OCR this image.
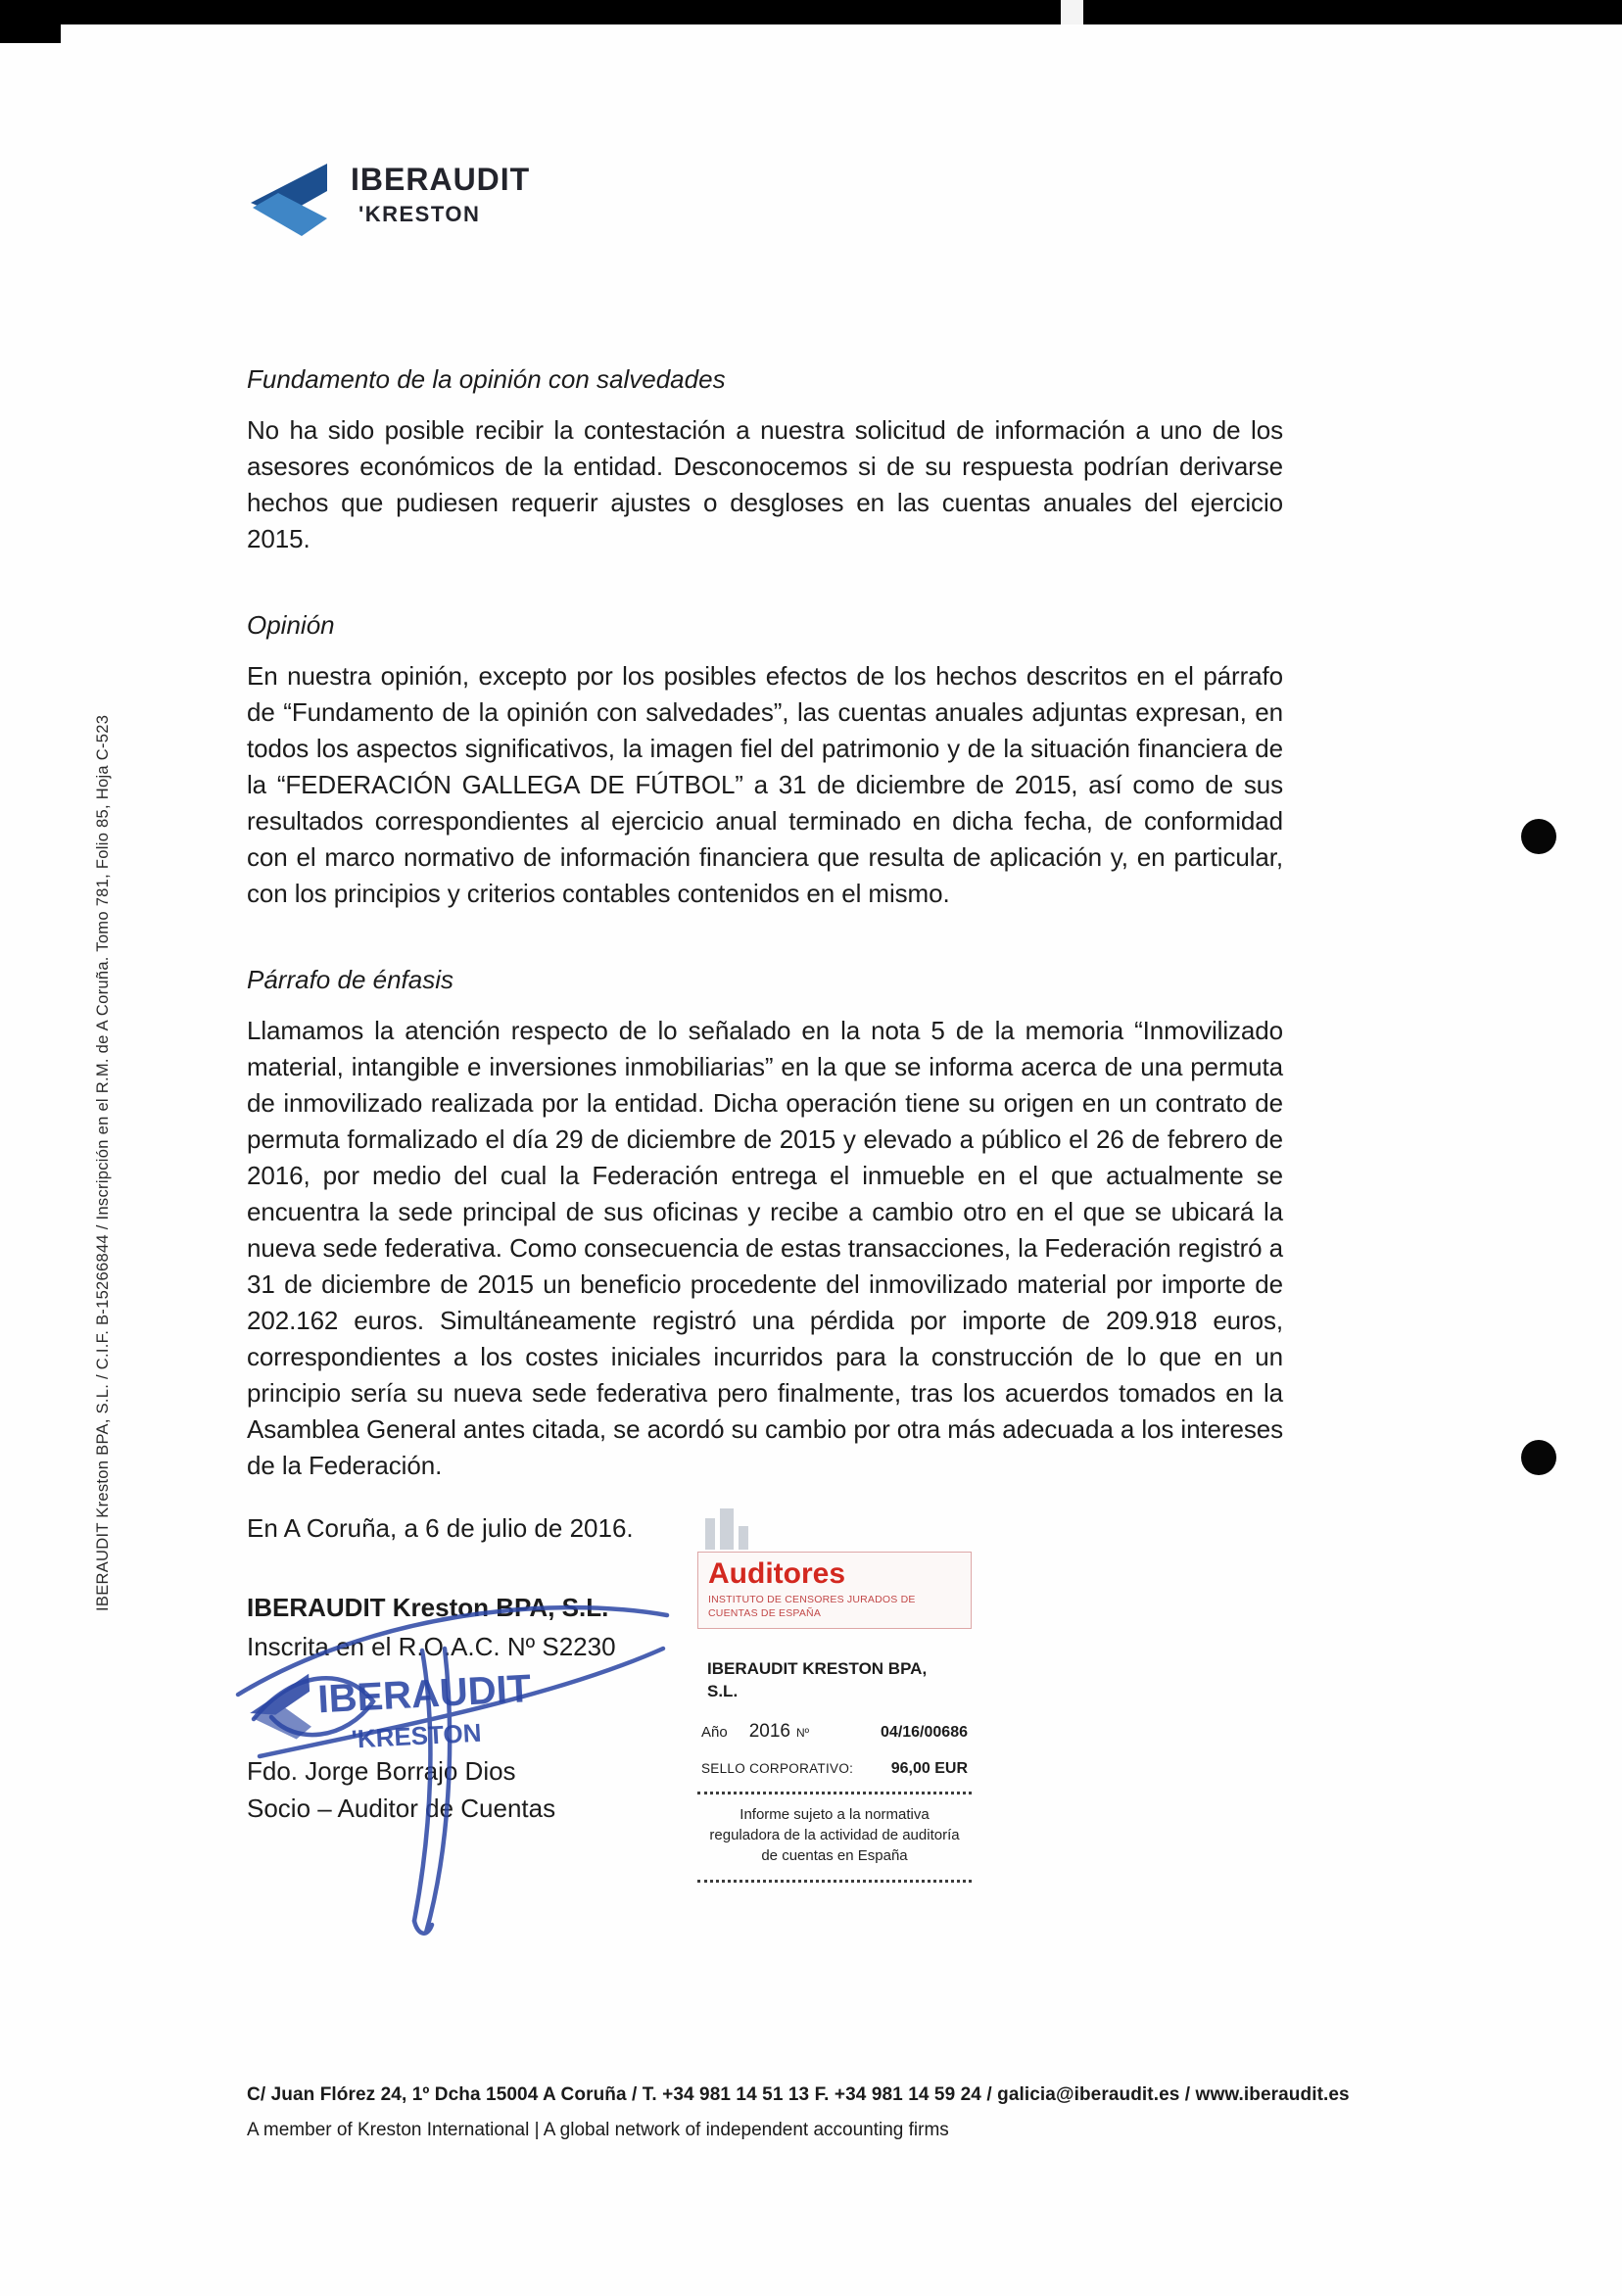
IBERAUDIT
'KRESTON
IBERAUDIT Kreston BPA, S.L. / C.I.F. B-15266844 / Inscripción en el R.M. de A Coruña. Tomo 781, Folio 85, Hoja C-523
Fundamento de la opinión con salvedades
No ha sido posible recibir la contestación a nuestra solicitud de información a uno de los asesores económicos de la entidad. Desconocemos si de su respuesta podrían derivarse hechos que pudiesen requerir ajustes o desgloses en las cuentas anuales del ejercicio 2015.
Opinión
En nuestra opinión, excepto por los posibles efectos de los hechos descritos en el párrafo de “Fundamento de la opinión con salvedades”, las cuentas anuales adjuntas expresan, en todos los aspectos significativos, la imagen fiel del patrimonio y de la situación financiera de la “FEDERACIÓN GALLEGA DE FÚTBOL” a 31 de diciembre de 2015, así como de sus resultados correspondientes al ejercicio anual terminado en dicha fecha, de conformidad con el marco normativo de información financiera que resulta de aplicación y, en particular, con los principios y criterios contables contenidos en el mismo.
Párrafo de énfasis
Llamamos la atención respecto de lo señalado en la nota 5 de la memoria “Inmovilizado material, intangible e inversiones inmobiliarias” en la que se informa acerca de una permuta de inmovilizado realizada por la entidad. Dicha operación tiene su origen en un contrato de permuta formalizado el día 29 de diciembre de 2015 y elevado a público el 26 de febrero de 2016, por medio del cual la Federación entrega el inmueble en el que actualmente se encuentra la sede principal de sus oficinas y recibe a cambio otro en el que se ubicará la nueva sede federativa. Como consecuencia de estas transacciones, la Federación registró a 31 de diciembre de 2015 un beneficio procedente del inmovilizado material por importe de 202.162 euros. Simultáneamente registró una pérdida por importe de 209.918 euros, correspondientes a los costes iniciales incurridos para la construcción de lo que en un principio sería su nueva sede federativa pero finalmente, tras los acuerdos tomados en la Asamblea General antes citada, se acordó su cambio por otra más adecuada a los intereses de la Federación.
En A Coruña, a 6 de julio de 2016.
IBERAUDIT Kreston BPA, S.L.
Inscrita en el R.O.A.C. Nº S2230
Fdo. Jorge Borrajo Dios
Socio – Auditor de Cuentas
IBERAUDIT
'KRESTON
Auditores
INSTITUTO DE CENSORES JURADOS DE CUENTAS DE ESPAÑA
IBERAUDIT KRESTON BPA,
S.L.
Año 2016 Nº	04/16/00686
SELLO CORPORATIVO: 96,00 EUR
Informe sujeto a la normativa reguladora de la actividad de auditoría de cuentas en España
C/ Juan Flórez 24, 1º Dcha 15004 A Coruña / T. +34 981 14 51 13 F. +34 981 14 59 24 / galicia@iberaudit.es / www.iberaudit.es
A member of Kreston International | A global network of independent accounting firms
